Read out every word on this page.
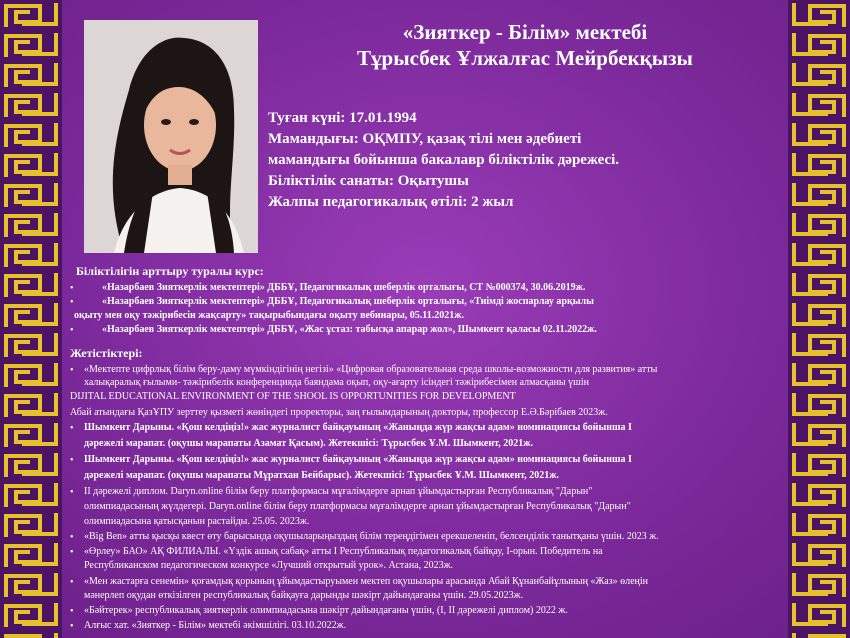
«Зияткер - Білім» мектебі
Тұрысбек Ұлжалғас Мейрбекқызы
Туған күні: 17.01.1994
Мамандығы: ОҚМПУ, қазақ тілі мен әдебиеті
мамандығы бойынша бакалавр біліктілік дәрежесі.
Біліктілік санаты: Оқытушы
Жалпы педагогикалық өтілі: 2 жыл
Біліктілігін арттыру туралы курс:
•	«Назарбаев Зияткерлік мектептері» ДББҰ, Педагогикалық шеберлік орталығы, СТ №000374, 30.06.2019ж.
•	«Назарбаев Зияткерлік мектептері» ДББҰ, Педагогикалық шеберлік орталығы, «Тиімді жоспарлау арқылы
оқыту мен оқу тәжірибесін жақсарту» тақырыбындағы оқыту вебинары, 05.11.2021ж.
•	«Назарбаев Зияткерлік мектептері» ДББҰ, «Жас ұстаз: табысқа апарар жол», Шымкент қаласы 02.11.2022ж.
Жетістіктері:
• «Мектепте цифрлық білім беру-даму мүмкіндігінің негізі» «Цифровая образовательная среда школы-возможности для развития» атты
халықаралық ғылыми- тәжірибелік конференцияда баяндама оқып, оқу-ағарту ісіндегі тәжірибесімен алмасқаны үшін
DIJITAL EDUCATIONAL ENVIRONMENT OF THE SHOOL IS OPPORTUNITIES FOR DEVELOPMENT
Абай атындағы ҚазҰПУ зерттеу қызметі жөніндегі проректоры, заң ғылымдарының докторы, профессор Е.Ә.Бәрібаев 2023ж.
• Шымкент Дарыны. «Қош келдіңіз!» жас журналист байқауының «Жаныңда жүр жақсы адам» номинациясы бойынша І
дәрежелі марапат. (оқушы марапаты Азамат Қасым). Жетекшісі: Тұрысбек Ұ.М. Шымкент, 2021ж.
• Шымкент Дарыны. «Қош келдіңіз!» жас журналист байқауының «Жаныңда жүр жақсы адам» номинациясы бойынша І
дәрежелі марапат. (оқушы марапаты Мұратхан Бейбарыс). Жетекшісі: Тұрысбек Ұ.М. Шымкент, 2021ж.
• ІІ дәрежелі диплом. Daryn.online білім беру платформасы мұғалімдерге арнап ұйымдастырған Республикалық "Дарын"
олимпиадасының жүлдегері. Daryn.online білім беру платформасы мұғалімдерге арнап ұйымдастырған Республикалық "Дарын"
олимпиадасына қатысқанын растайды. 25.05. 2023ж.
• «Big Ben» атты қысқы квест өту барысында оқушыларыңыздың білім тереңдігімен ерекшеленіп, белсенділік танытқаны үшін. 2023 ж.
• «Өрлеу» БАО» АҚ ФИЛИАЛЫ. «Үздік ашық сабақ» атты І Республикалық педагогикалық байқау, І-орын. Победитель на
Республиканском педагогическом конкурсе «Лучший открытый урок». Астана, 2023ж.
• «Мен жастарға сенемін» қоғамдық қорының ұйымдастыруымен мектеп оқушылары арасында Абай Құнанбайұлының «Жаз» өлеңін
мәнерлеп оқудан өткізілген республикалық байқауға дарынды шәкірт дайындағаны үшін. 29.05.2023ж.
• «Бәйтерек» республикалық зияткерлік олимпиадасына шәкірт дайындағаны үшін, (І, ІІ дәрежелі диплом) 2022 ж.
• Алғыс хат. «Зияткер - Білім» мектебі әкімшілігі. 03.10.2022ж.
